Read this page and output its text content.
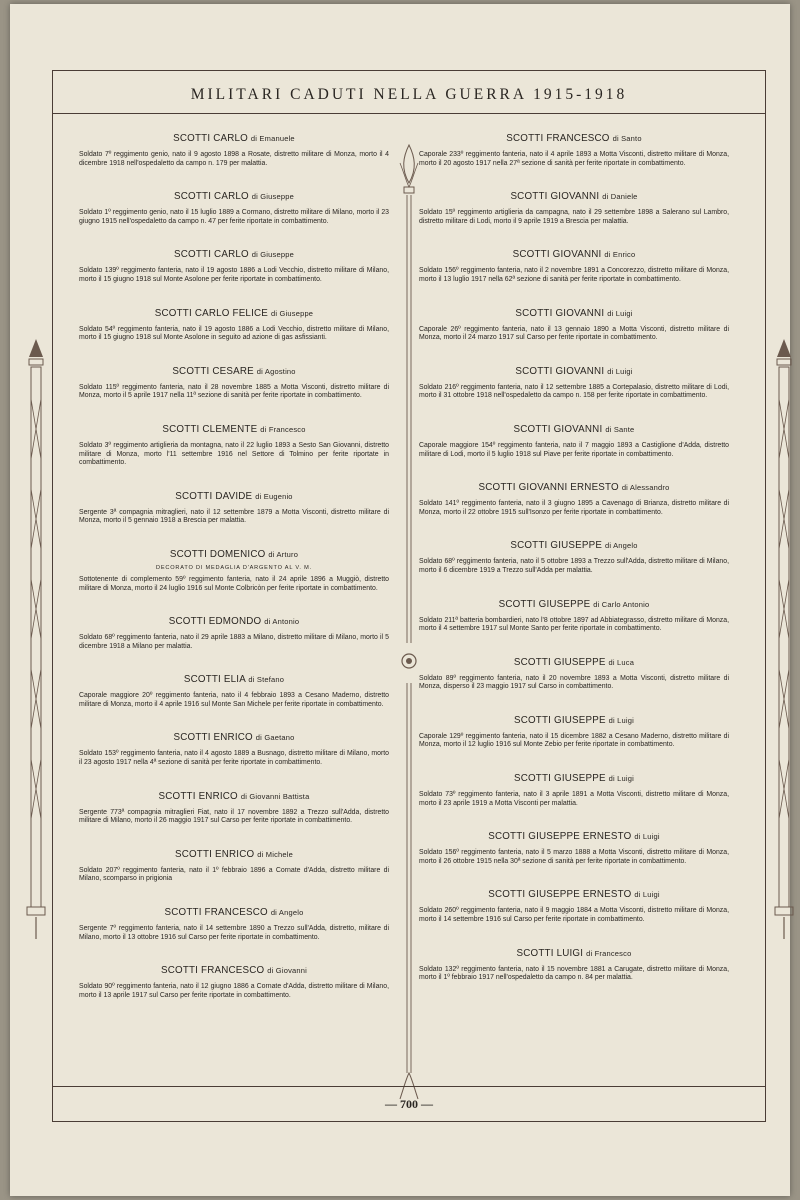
MILITARI CADUTI NELLA GUERRA 1915-1918
SCOTTI CARLO di Emanuele

Soldato 7º reggimento genio, nato il 9 agosto 1898 a Rosate, distretto militare di Monza, morto il 4 dicembre 1918 nell'ospedaletto da campo n. 179 per malattia.

SCOTTI CARLO di Giuseppe

Soldato 1º reggimento genio, nato il 15 luglio 1889 a Cormano, distretto militare di Milano, morto il 23 giugno 1915 nell'ospedaletto da campo n. 47 per ferite riportate in combattimento.

SCOTTI CARLO di Giuseppe

Soldato 139º reggimento fanteria, nato il 19 agosto 1886 a Lodi Vecchio, distretto militare di Milano, morto il 15 giugno 1918 sul Monte Asolone per ferite riportate in combattimento.

SCOTTI CARLO FELICE di Giuseppe

Soldato 54º reggimento fanteria, nato il 19 agosto 1886 a Lodi Vecchio, distretto militare di Milano, morto il 15 giugno 1918 sul Monte Asolone in seguito ad azione di gas asfissianti.

SCOTTI CESARE di Agostino

Soldato 115º reggimento fanteria, nato il 28 novembre 1885 a Motta Visconti, distretto militare di Monza, morto il 5 aprile 1917 nella 11ª sezione di sanità per ferite riportate in combattimento.

SCOTTI CLEMENTE di Francesco

Soldato 3º reggimento artiglieria da montagna, nato il 22 luglio 1893 a Sesto San Giovanni, distretto militare di Monza, morto l'11 settembre 1916 nel Settore di Tolmino per ferite riportate in combattimento.

SCOTTI DAVIDE di Eugenio

Sergente 3ª compagnia mitraglieri, nato il 12 settembre 1879 a Motta Visconti, distretto militare di Monza, morto il 5 gennaio 1918 a Brescia per malattia.

SCOTTI DOMENICO di Arturo
DECORATO DI MEDAGLIA D'ARGENTO AL V. M.

Sottotenente di complemento 59º reggimento fanteria, nato il 24 aprile 1896 a Muggiò, distretto militare di Monza, morto il 24 luglio 1916 sul Monte Colbricòn per ferite riportate in combattimento.

SCOTTI EDMONDO di Antonio

Soldato 68º reggimento fanteria, nato il 29 aprile 1883 a Milano, distretto militare di Milano, morto il 5 dicembre 1918 a Milano per malattia.

SCOTTI ELIA di Stefano

Caporale maggiore 20º reggimento fanteria, nato il 4 febbraio 1893 a Cesano Maderno, distretto militare di Monza, morto il 4 aprile 1916 sul Monte San Michele per ferite riportate in combattimento.

SCOTTI ENRICO di Gaetano

Soldato 153º reggimento fanteria, nato il 4 agosto 1889 a Busnago, distretto militare di Milano, morto il 23 agosto 1917 nella 4ª sezione di sanità per ferite riportate in combattimento.

SCOTTI ENRICO di Giovanni Battista

Sergente 773ª compagnia mitraglieri Fiat, nato il 17 novembre 1892 a Trezzo sull'Adda, distretto militare di Milano, morto il 26 maggio 1917 sul Carso per ferite riportate in combattimento.

SCOTTI ENRICO di Michele

Soldato 207º reggimento fanteria, nato il 1º febbraio 1896 a Cornate d'Adda, distretto militare di Milano, scomparso in prigionia

SCOTTI FRANCESCO di Angelo

Sergente 7º reggimento fanteria, nato il 14 settembre 1890 a Trezzo sull'Adda, distretto, militare di Milano, morto il 13 ottobre 1916 sul Carso per ferite riportate in combattimento.

SCOTTI FRANCESCO di Giovanni

Soldato 90º reggimento fanteria, nato il 12 giugno 1886 a Cornate d'Adda, distretto militare di Milano, morto il 13 aprile 1917 sul Carso per ferite riportate in combattimento.

SCOTTI FRANCESCO di Santo

Caporale 233º reggimento fanteria, nato il 4 aprile 1893 a Motta Visconti, distretto militare di Monza, morto il 20 agosto 1917 nella 27ª sezione di sanità per ferite riportate in combattimento.

SCOTTI GIOVANNI di Daniele

Soldato 15º reggimento artiglieria da campagna, nato il 29 settembre 1898 a Salerano sul Lambro, distretto militare di Lodi, morto il 9 aprile 1919 a Brescia per malattia.

SCOTTI GIOVANNI di Enrico

Soldato 156º reggimento fanteria, nato il 2 novembre 1891 a Concorezzo, distretto militare di Monza, morto il 13 luglio 1917 nella 62ª sezione di sanità per ferite riportate in combattimento.

SCOTTI GIOVANNI di Luigi

Caporale 26º reggimento fanteria, nato il 13 gennaio 1890 a Motta Visconti, distretto militare di Monza, morto il 24 marzo 1917 sul Carso per ferite riportate in combattimento.

SCOTTI GIOVANNI di Luigi

Soldato 216º reggimento fanteria, nato il 12 settembre 1885 a Cortepalasio, distretto militare di Lodi, morto il 31 ottobre 1918 nell'ospedaletto da campo n. 158 per ferite riportate in combattimento.

SCOTTI GIOVANNI di Sante

Caporale maggiore 154º reggimento fanteria, nato il 7 maggio 1893 a Castiglione d'Adda, distretto militare di Lodi, morto il 5 luglio 1918 sul Piave per ferite riportate in combattimento.

SCOTTI GIOVANNI ERNESTO di Alessandro

Soldato 141º reggimento fanteria, nato il 3 giugno 1895 a Cavenago di Brianza, distretto militare di Monza, morto il 22 ottobre 1915 sull'Isonzo per ferite riportate in combattimento.

SCOTTI GIUSEPPE di Angelo

Soldato 68º reggimento fanteria, nato il 5 ottobre 1893 a Trezzo sull'Adda, distretto militare di Milano, morto il 6 dicembre 1919 a Trezzo sull'Adda per malattia.

SCOTTI GIUSEPPE di Carlo Antonio

Soldato 211ª batteria bombardieri, nato l'8 ottobre 1897 ad Abbiategrasso, distretto militare di Monza, morto il 4 settembre 1917 sul Monte Santo per ferite riportate in combattimento.

SCOTTI GIUSEPPE di Luca

Soldato 89º reggimento fanteria, nato il 20 novembre 1893 a Motta Visconti, distretto militare di Monza, disperso il 23 maggio 1917 sul Carso in combattimento.

SCOTTI GIUSEPPE di Luigi

Caporale 129º reggimento fanteria, nato il 15 dicembre 1882 a Cesano Maderno, distretto militare di Monza, morto il 12 luglio 1916 sul Monte Zebio per ferite riportate in combattimento.

SCOTTI GIUSEPPE di Luigi

Soldato 73º reggimento fanteria, nato il 3 aprile 1891 a Motta Visconti, distretto militare di Monza, morto il 23 aprile 1919 a Motta Visconti per malattia.

SCOTTI GIUSEPPE ERNESTO di Luigi

Soldato 156º reggimento fanteria, nato il 5 marzo 1888 a Motta Visconti, distretto militare di Monza, morto il 26 ottobre 1915 nella 30ª sezione di sanità per ferite riportate in combattimento.

SCOTTI GIUSEPPE ERNESTO di Luigi

Soldato 260º reggimento fanteria, nato il 9 maggio 1884 a Motta Visconti, distretto militare di Monza, morto il 14 settembre 1916 sul Carso per ferite riportate in combattimento.

SCOTTI LUIGI di Francesco

Soldato 132º reggimento fanteria, nato il 15 novembre 1881 a Carugate, distretto militare di Monza, morto il 1º febbraio 1917 nell'ospedaletto da campo n. 84 per malattia.

— 700 —
